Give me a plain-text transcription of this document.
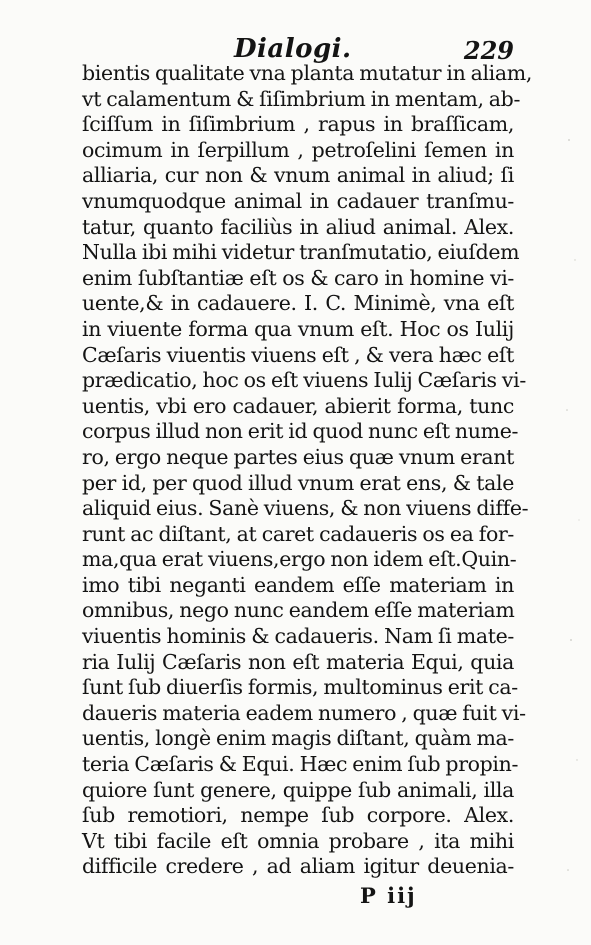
Dialogi.	229
bientis qualitate vna planta mutatur in aliam,
vt calamentum & ſiſimbrium in mentam, ab-
ſciſſum in ſiſimbrium , rapus in braſſicam,
ocimum in ſerpillum , petroſelini ſemen in
alliaria, cur non & vnum animal in aliud; ſi
vnumquodque animal in cadauer tranſmu-
tatur, quanto faciliùs in aliud animal. Alex.
Nulla ibi mihi videtur tranſmutatio, eiuſdem
enim ſubſtantiæ eſt os & caro in homine vi-
uente,& in cadauere. I. C. Minimè, vna eſt
in viuente forma qua vnum eſt. Hoc os Iulij
Cæſaris viuentis viuens eſt , & vera hæc eſt
prædicatio, hoc os eſt viuens Iulij Cæſaris vi-
uentis, vbi ero cadauer, abierit forma, tunc
corpus illud non erit id quod nunc eſt nume-
ro, ergo neque partes eius quæ vnum erant
per id, per quod illud vnum erat ens, & tale
aliquid eius. Sanè viuens, & non viuens diffe-
runt ac diſtant, at caret cadaueris os ea for-
ma,qua erat viuens,ergo non idem eſt.Quin-
imo tibi neganti eandem eſſe materiam in
omnibus, nego nunc eandem eſſe materiam
viuentis hominis & cadaueris. Nam ſi mate-
ria Iulij Cæſaris non eſt materia Equi, quia
ſunt ſub diuerſis formis, multominus erit ca-
daueris materia eadem numero , quæ fuit vi-
uentis, longè enim magis diſtant, quàm ma-
teria Cæſaris & Equi. Hæc enim ſub propin-
quiore ſunt genere, quippe ſub animali, illa
ſub remotiori, nempe ſub corpore. Alex.
Vt tibi facile eſt omnia probare , ita mihi
difficile credere , ad aliam igitur deuenia-
P iij
